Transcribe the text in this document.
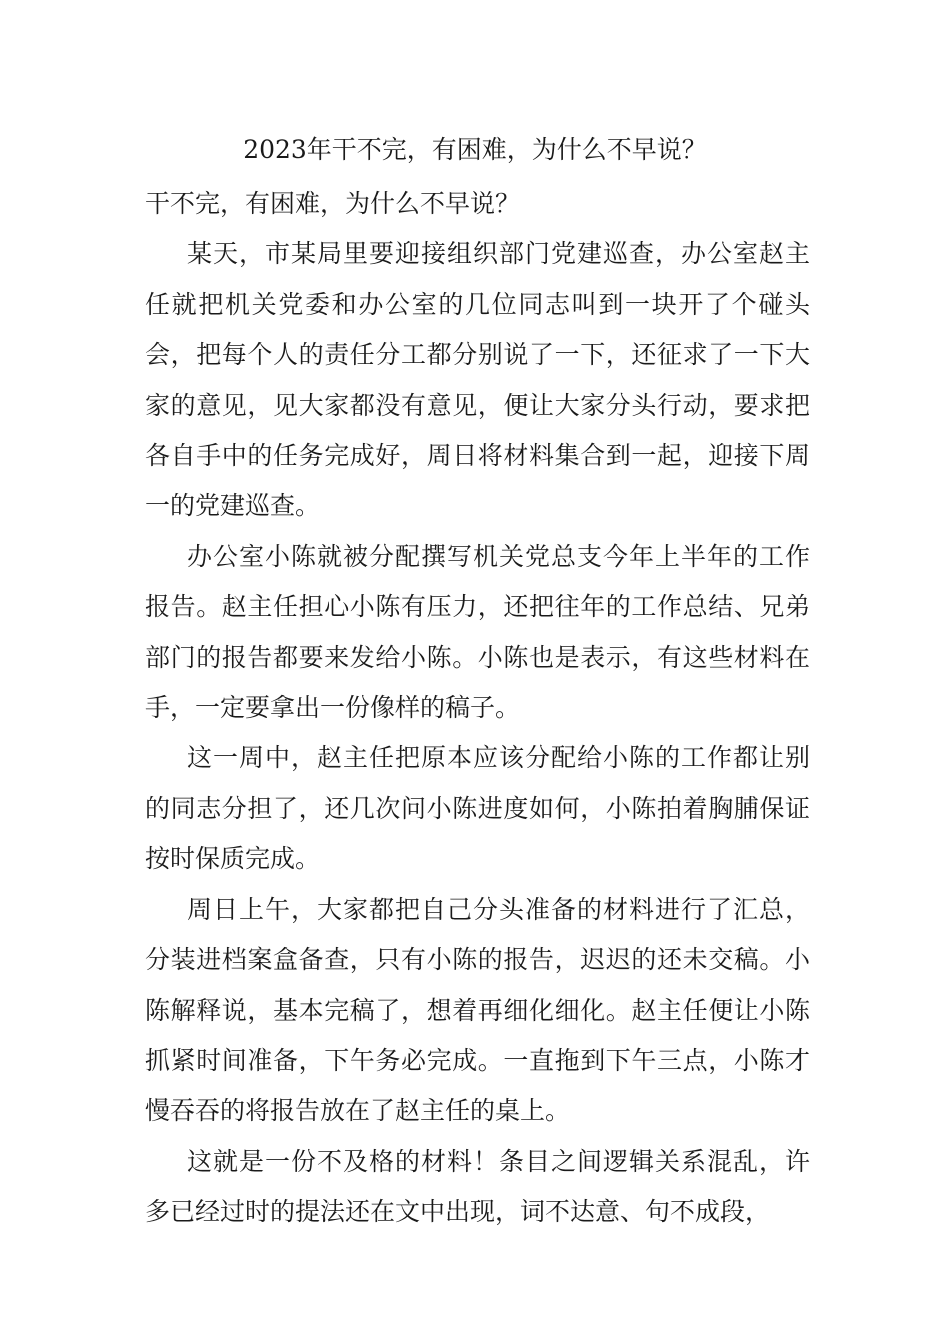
2023年干不完，有困难，为什么不早说？

干不完，有困难，为什么不早说？

某天，市某局里要迎接组织部门党建巡查，办公室赵主任就把机关党委和办公室的几位同志叫到一块开了个碰头会，把每个人的责任分工都分别说了一下，还征求了一下大家的意见，见大家都没有意见，便让大家分头行动，要求把各自手中的任务完成好，周日将材料集合到一起，迎接下周一的党建巡查。

办公室小陈就被分配撰写机关党总支今年上半年的工作报告。赵主任担心小陈有压力，还把往年的工作总结、兄弟部门的报告都要来发给小陈。小陈也是表示，有这些材料在手，一定要拿出一份像样的稿子。

这一周中，赵主任把原本应该分配给小陈的工作都让别的同志分担了，还几次问小陈进度如何，小陈拍着胸脯保证按时保质完成。

周日上午，大家都把自己分头准备的材料进行了汇总，分装进档案盒备查，只有小陈的报告，迟迟的还未交稿。小陈解释说，基本完稿了，想着再细化细化。赵主任便让小陈抓紧时间准备，下午务必完成。一直拖到下午三点，小陈才慢吞吞的将报告放在了赵主任的桌上。

这就是一份不及格的材料！条目之间逻辑关系混乱，许多已经过时的提法还在文中出现，词不达意、句不成段，
